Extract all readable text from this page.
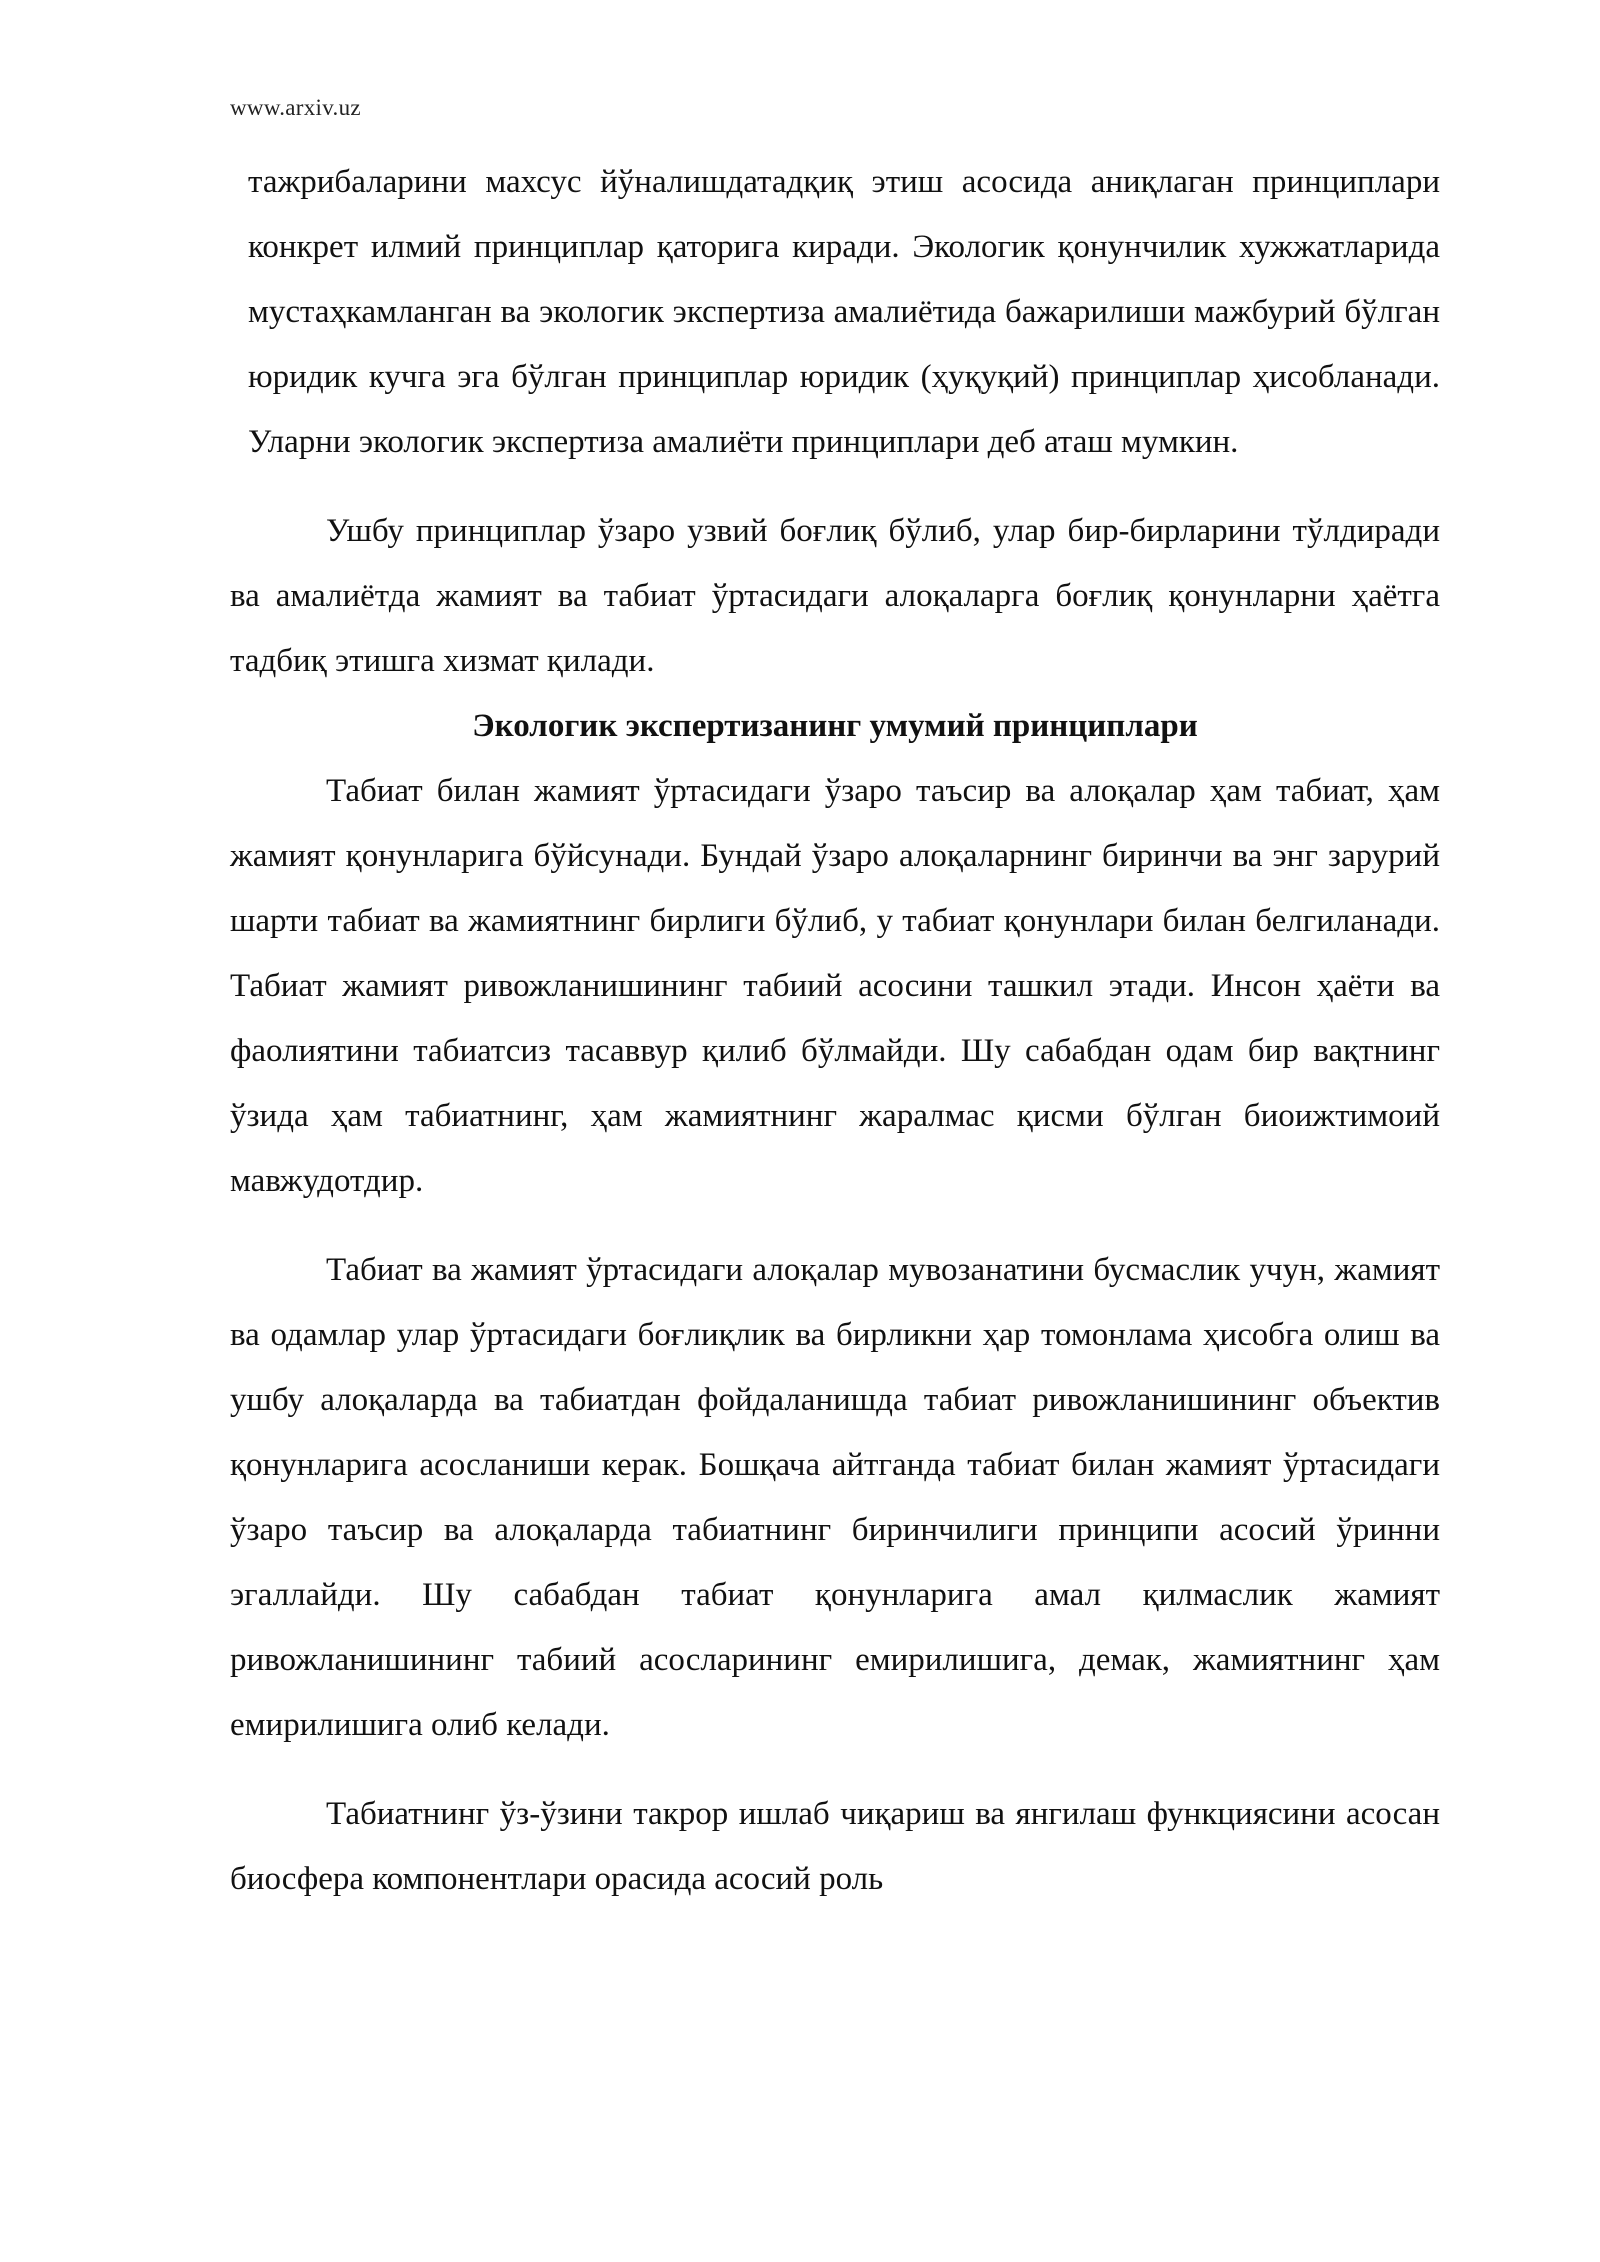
www.arxiv.uz

тажрибаларини махсус йўналишдатадқиқ этиш асосида аниқлаган принциплари конкрет илмий принциплар қаторига киради. Экологик қонунчилик хужжатларида мустаҳкамланган ва экологик экспертиза амалиётида бажарилиши мажбурий бўлган юридик кучга эга бўлган принциплар юридик (ҳуқуқий) принциплар ҳисобланади. Уларни экологик экспертиза амалиёти принциплари деб аташ мумкин.

Ушбу принциплар ўзаро узвий боғлиқ бўлиб, улар бир-бирларини тўлдиради ва амалиётда жамият ва табиат ўртасидаги алоқаларга боғлиқ қонунларни ҳаётга тадбиқ этишга хизмат қилади.

Экологик экспертизанинг умумий принциплари

Табиат билан жамият ўртасидаги ўзаро таъсир ва алоқалар ҳам табиат, ҳам жамият қонунларига бўйсунади. Бундай ўзаро алоқаларнинг биринчи ва энг зарурий шарти табиат ва жамиятнинг бирлиги бўлиб, у табиат қонунлари билан белгиланади. Табиат жамият ривожланишининг табиий асосини ташкил этади. Инсон ҳаёти ва фаолиятини табиатсиз тасаввур қилиб бўлмайди. Шу сабабдан одам бир вақтнинг ўзида ҳам табиатнинг, ҳам жамиятнинг жаралмас қисми бўлган биоижтимоий мавжудотдир.

Табиат ва жамият ўртасидаги алоқалар мувозанатини бусмаслик учун, жамият ва одамлар улар ўртасидаги боғлиқлик ва бирликни ҳар томонлама ҳисобга олиш ва ушбу алоқаларда ва табиатдан фойдаланишда табиат ривожланишининг объектив қонунларига асосланиши керак. Бошқача айтганда табиат билан жамият ўртасидаги ўзаро таъсир ва алоқаларда табиатнинг биринчилиги принципи асосий ўринни эгаллайди. Шу сабабдан табиат қонунларига амал қилмаслик жамият ривожланишининг табиий асосларининг емирилишига, демак, жамиятнинг ҳам емирилишига олиб келади.

Табиатнинг ўз-ўзини такрор ишлаб чиқариш ва янгилаш функциясини асосан биосфера компонентлари орасида асосий роль
